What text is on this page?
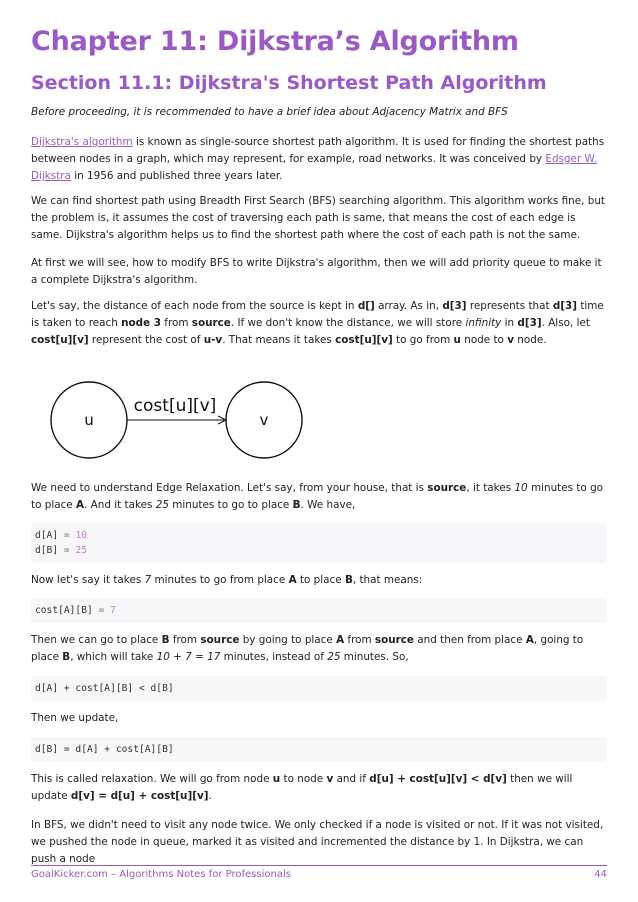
Chapter 11: Dijkstra’s Algorithm
Section 11.1: Dijkstra's Shortest Path Algorithm

Before proceeding, it is recommended to have a brief idea about Adjacency Matrix and BFS

Dijkstra's algorithm is known as single-source shortest path algorithm. It is used for finding the shortest paths between nodes in a graph, which may represent, for example, road networks. It was conceived by Edsger W. Dijkstra in 1956 and published three years later.

We can find shortest path using Breadth First Search (BFS) searching algorithm. This algorithm works fine, but the problem is, it assumes the cost of traversing each path is same, that means the cost of each edge is same. Dijkstra's algorithm helps us to find the shortest path where the cost of each path is not the same.

At first we will see, how to modify BFS to write Dijkstra's algorithm, then we will add priority queue to make it a complete Dijkstra's algorithm.

Let's say, the distance of each node from the source is kept in d[] array. As in, d[3] represents that d[3] time is taken to reach node 3 from source. If we don't know the distance, we will store infinity in d[3]. Also, let cost[u][v] represent the cost of u-v. That means it takes cost[u][v] to go from u node to v node.

u	v
cost[u][v]

We need to understand Edge Relaxation. Let's say, from your house, that is source, it takes 10 minutes to go to place A. And it takes 25 minutes to go to place B. We have,

d[A] = 10
d[B] = 25

Now let's say it takes 7 minutes to go from place A to place B, that means:

cost[A][B] = 7

Then we can go to place B from source by going to place A from source and then from place A, going to place B, which will take 10 + 7 = 17 minutes, instead of 25 minutes. So,

d[A] + cost[A][B] < d[B]

Then we update,

d[B] = d[A] + cost[A][B]

This is called relaxation. We will go from node u to node v and if d[u] + cost[u][v] < d[v] then we will update d[v] = d[u] + cost[u][v].

In BFS, we didn't need to visit any node twice. We only checked if a node is visited or not. If it was not visited, we pushed the node in queue, marked it as visited and incremented the distance by 1. In Dijkstra, we can push a node

GoalKicker.com – Algorithms Notes for Professionals	44
